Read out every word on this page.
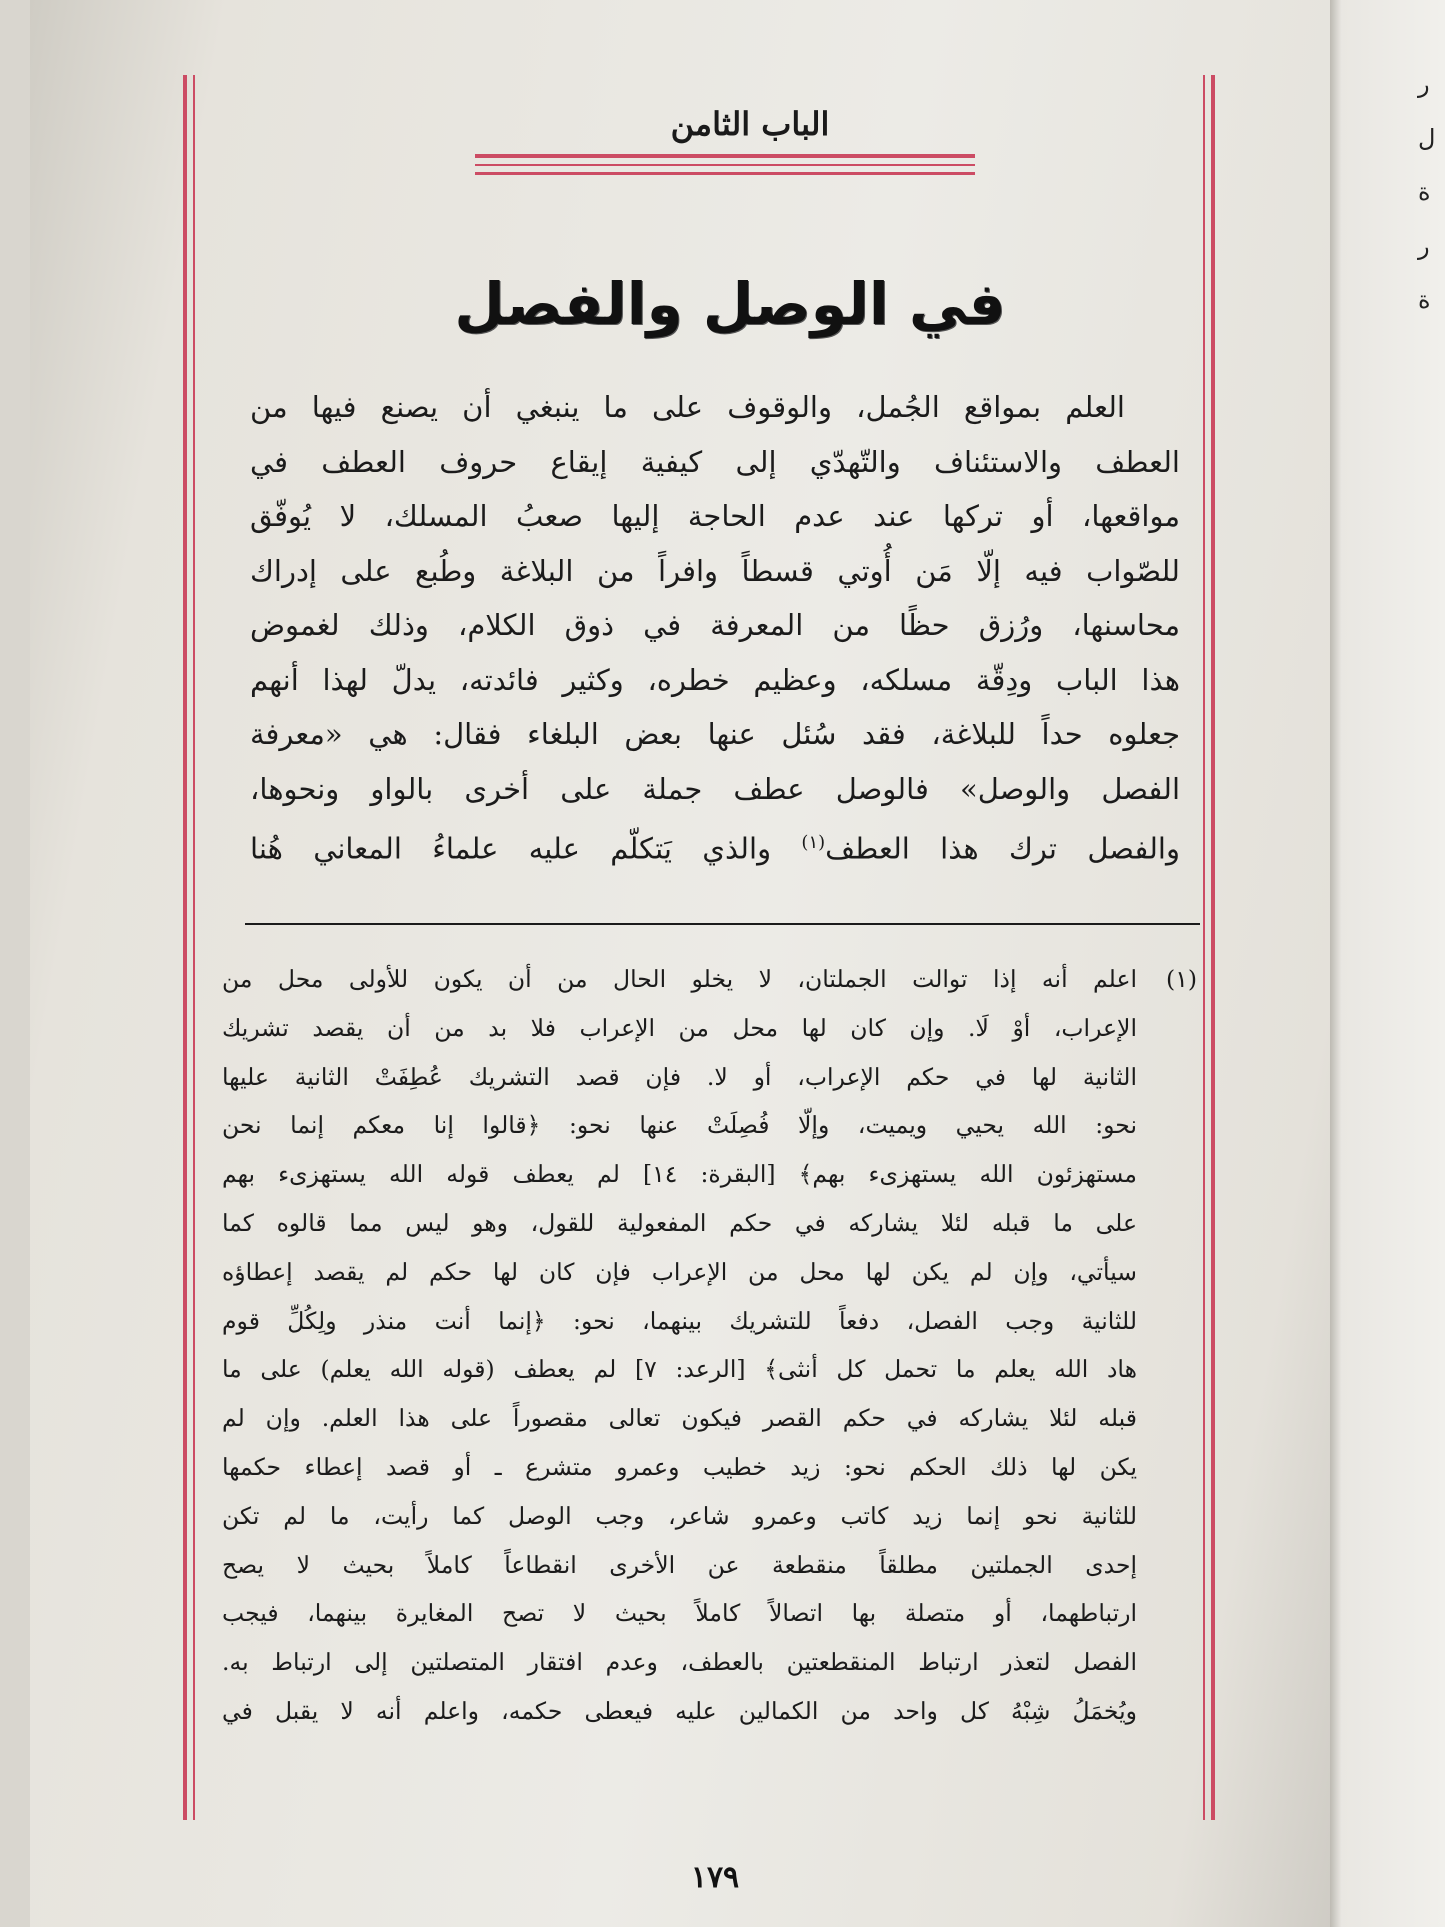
ر
ل
ة
ر
ة
الباب الثامن
في الوصل والفصل
العلم بمواقع الجُمل، والوقوف على ما ينبغي أن يصنع فيها من
العطف والاستئناف والتّهدّي إلى كيفية إيقاع حروف العطف في
مواقعها، أو تركها عند عدم الحاجة إليها صعبُ المسلك، لا يُوفّق
للصّواب فيه إلّا مَن أُوتي قسطاً وافراً من البلاغة وطُبع على إدراك
محاسنها، ورُزق حظًا من المعرفة في ذوق الكلام، وذلك لغموض
هذا الباب ودِقّة مسلكه، وعظيم خطره، وكثير فائدته، يدلّ لهذا أنهم
جعلوه حداً للبلاغة، فقد سُئل عنها بعض البلغاء فقال: هي «معرفة
الفصل والوصل» فالوصل عطف جملة على أخرى بالواو ونحوها،
والفصل ترك هذا العطف$^{(١)}$ والذي يَتكلّم عليه علماءُ المعاني هُنا
(١)
اعلم أنه إذا توالت الجملتان، لا يخلو الحال من أن يكون للأولى محل من
الإعراب، أوْ لَا. وإن كان لها محل من الإعراب فلا بد من أن يقصد تشريك
الثانية لها في حكم الإعراب، أو لا. فإن قصد التشريك عُطِفَتْ الثانية عليها
نحو: الله يحيي ويميت، وإلّا فُصِلَتْ عنها نحو: ﴿قالوا إنا معكم إنما نحن
مستهزئون الله يستهزىء بهم﴾ [البقرة: ١٤] لم يعطف قوله الله يستهزىء بهم
على ما قبله لئلا يشاركه في حكم المفعولية للقول، وهو ليس مما قالوه كما
سيأتي، وإن لم يكن لها محل من الإعراب فإن كان لها حكم لم يقصد إعطاؤه
للثانية وجب الفصل، دفعاً للتشريك بينهما، نحو: ﴿إنما أنت منذر ولِكُلِّ قوم
هاد الله يعلم ما تحمل كل أنثى﴾ [الرعد: ٧] لم يعطف (قوله الله يعلم) على ما
قبله لئلا يشاركه في حكم القصر فيكون تعالى مقصوراً على هذا العلم. وإن لم
يكن لها ذلك الحكم نحو: زيد خطيب وعمرو متشرع ـ أو قصد إعطاء حكمها
للثانية نحو إنما زيد كاتب وعمرو شاعر، وجب الوصل كما رأيت، ما لم تكن
إحدى الجملتين مطلقاً منقطعة عن الأخرى انقطاعاً كاملاً بحيث لا يصح
ارتباطهما، أو متصلة بها اتصالاً كاملاً بحيث لا تصح المغايرة بينهما، فيجب
الفصل لتعذر ارتباط المنقطعتين بالعطف، وعدم افتقار المتصلتين إلى ارتباط به.
ويُخمَلُ شِبْهُ كل واحد من الكمالين عليه فيعطى حكمه، واعلم أنه لا يقبل في
١٧٩
